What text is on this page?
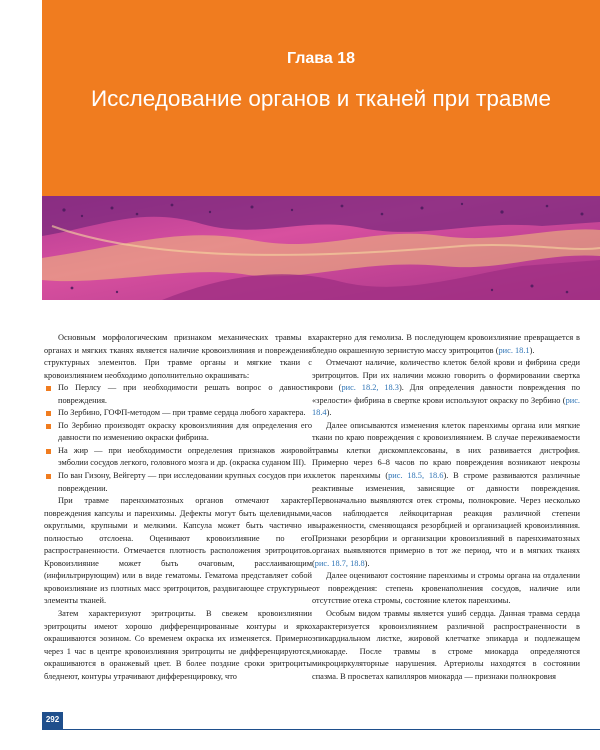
Глава 18
Исследование органов и тканей при травме

Основным морфологическим признаком механических травмы в органах и мягких тканях является наличие кровоизлияния и повреждения структурных элементов. При травме органы и мягкие ткани с кровоизлиянием необходимо дополнительно окрашивать:

По Перлсу — при необходимости решать вопрос о давности повреждения.
По Зербино, ГОФП-методом — при травме сердца любого характера.
По Зербино производят окраску кровоизлияния для определения его давности по изменению окраски фибрина.
На жир — при необходимости определения признаков жировой эмболии сосудов легкого, головного мозга и др. (окраска суданом III).
По ван Гизону, Вейгерту — при исследовании крупных сосудов при их повреждении.

При травме паренхиматозных органов отмечают характер повреждения капсулы и паренхимы. Дефекты могут быть щелевидными, округлыми, крупными и мелкими. Капсула может быть частично и полностью отслоена. Оценивают кровоизлияние по его распространенности. Отмечается плотность расположения эритроцитов. Кровоизлияние может быть очаговым, расслаивающим (инфильтрирующим) или в виде гематомы. Гематома представляет собой кровоизлияние из плотных масс эритроцитов, раздвигающее структурные элементы тканей.

Затем характеризуют эритроциты. В свежем кровоизлиянии эритроциты имеют хорошо дифференцированные контуры и ярко окрашиваются эозином. Со временем окраска их изменяется. Примерно через 1 час в центре кровоизлияния эритроциты не дифференцируются, окрашиваются в оранжевый цвет. В более поздние сроки эритроциты бледнеют, контуры утрачивают дифференцировку, что

характерно для гемолиза. В последующем кровоизлияние превращается в бледно окрашенную зернистую массу эритроцитов (рис. 18.1).

Отмечают наличие, количество клеток белой крови и фибрина среди эритроцитов. При их наличии можно говорить о формировании свертка крови (рис. 18.2, 18.3). Для определения давности повреждения по «зрелости» фибрина в свертке крови используют окраску по Зербино (рис. 18.4).

Далее описываются изменения клеток паренхимы органа или мягкие ткани по краю повреждения с кровоизлиянием. В случае переживаемости травмы клетки дискомплексованы, в них развивается дистрофия. Примерно через 6–8 часов по краю повреждения возникают некрозы клеток паренхимы (рис. 18.5, 18.6). В строме развиваются различные реактивные изменения, зависящие от давности повреждения. Первоначально выявляются отек стромы, полнокровие. Через несколько часов наблюдается лейкоцитарная реакция различной степени выраженности, сменяющаяся резорбцией и организацией кровоизлияния. Признаки резорбции и организации кровоизлияний в паренхиматозных органах выявляются примерно в тот же период, что и в мягких тканях (рис. 18.7, 18.8).

Далее оценивают состояние паренхимы и стромы органа на отдалении от повреждения: степень кровенаполнения сосудов, наличие или отсутствие отека стромы, состояние клеток паренхимы.

Особым видом травмы является ушиб сердца. Данная травма сердца характеризуется кровоизлиянием различной распространенности в эпикардиальном листке, жировой клетчатке эпикарда и подлежащем миокарде. После травмы в строме миокарда определяются микроциркуляторные нарушения. Артериолы находятся в состоянии спазма. В просветах капилляров миокарда — признаки полнокровия

292
